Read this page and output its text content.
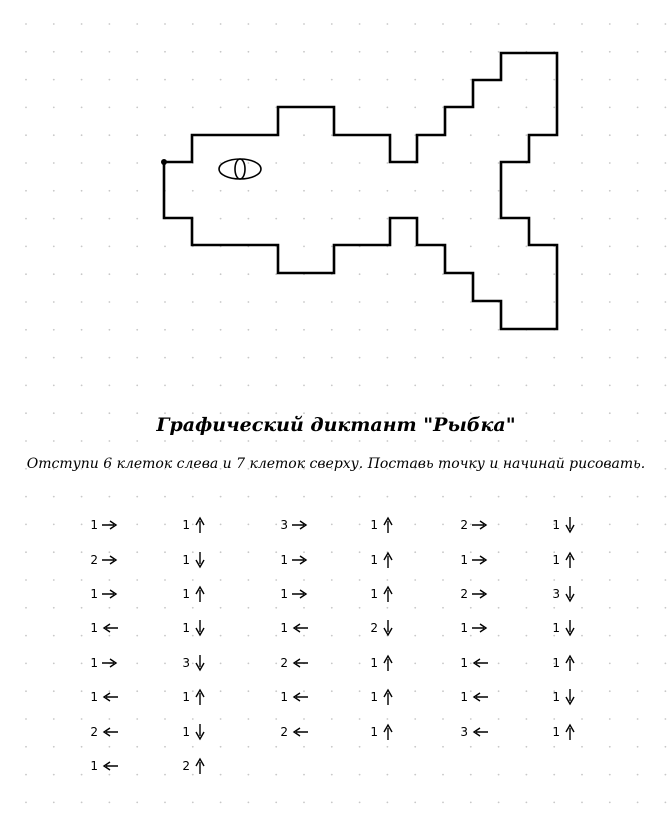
Графический диктант "Рыбка"
Отступи 6 клеток слева и 7 клеток сверху. Поставь точку и начинай рисовать.
1
2
1
1
1
1
2
1
1
1
1
1
3
1
1
2
3
1
1
1
2
1
2
1
1
1
2
1
1
1
2
1
2
1
1
1
3
1
1
3
1
1
1
1
